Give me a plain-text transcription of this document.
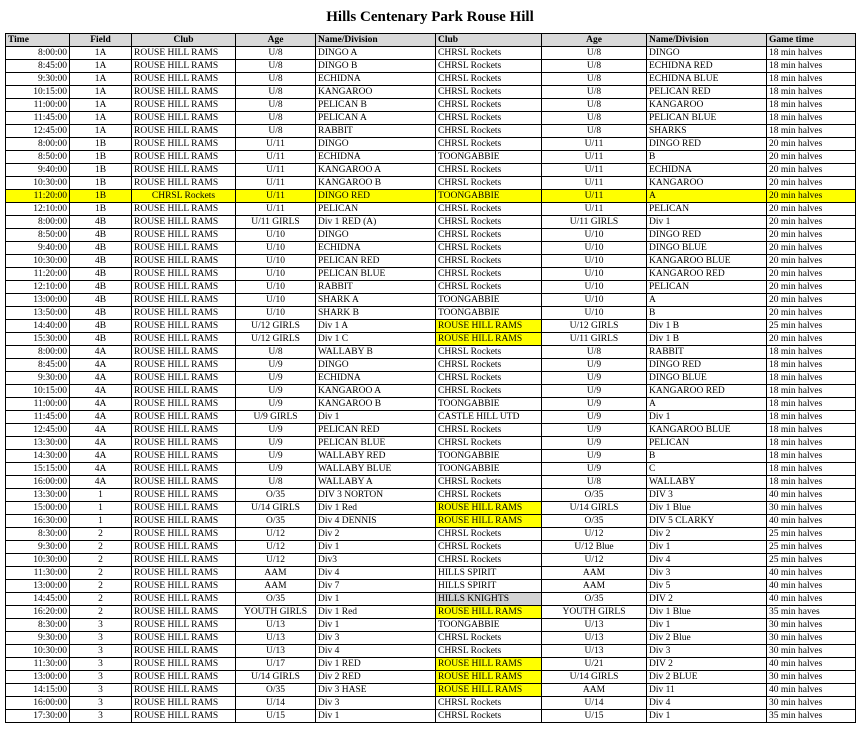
Hills Centenary Park Rouse Hill
Time	Field	Club	Age	Name/Division	Club	Age	Name/Division	Game time
8:00:00	1A	ROUSE HILL RAMS	U/8	DINGO A	CHRSL Rockets	U/8	DINGO	18 min halves
8:45:00	1A	ROUSE HILL RAMS	U/8	DINGO B	CHRSL Rockets	U/8	ECHIDNA RED	18 min halves
9:30:00	1A	ROUSE HILL RAMS	U/8	ECHIDNA	CHRSL Rockets	U/8	ECHIDNA BLUE	18 min halves
10:15:00	1A	ROUSE HILL RAMS	U/8	KANGAROO	CHRSL Rockets	U/8	PELICAN RED	18 min halves
11:00:00	1A	ROUSE HILL RAMS	U/8	PELICAN B	CHRSL Rockets	U/8	KANGAROO	18 min halves
11:45:00	1A	ROUSE HILL RAMS	U/8	PELICAN A	CHRSL Rockets	U/8	PELICAN BLUE	18 min halves
12:45:00	1A	ROUSE HILL RAMS	U/8	RABBIT	CHRSL Rockets	U/8	SHARKS	18 min halves
8:00:00	1B	ROUSE HILL RAMS	U/11	DINGO	CHRSL Rockets	U/11	DINGO RED	20 min halves
8:50:00	1B	ROUSE HILL RAMS	U/11	ECHIDNA	TOONGABBIE	U/11	B	20 min halves
9:40:00	1B	ROUSE HILL RAMS	U/11	KANGAROO A	CHRSL Rockets	U/11	ECHIDNA	20 min halves
10:30:00	1B	ROUSE HILL RAMS	U/11	KANGAROO B	CHRSL Rockets	U/11	KANGAROO	20 min halves
11:20:00	1B	CHRSL Rockets	U/11	DINGO RED	TOONGABBIE	U/11	A	20 min halves
12:10:00	1B	ROUSE HILL RAMS	U/11	PELICAN	CHRSL Rockets	U/11	PELICAN	20 min halves
8:00:00	4B	ROUSE HILL RAMS	U/11 GIRLS	Div 1 RED (A)	CHRSL Rockets	U/11 GIRLS	Div 1	20 min halves
8:50:00	4B	ROUSE HILL RAMS	U/10	DINGO	CHRSL Rockets	U/10	DINGO RED	20 min halves
9:40:00	4B	ROUSE HILL RAMS	U/10	ECHIDNA	CHRSL Rockets	U/10	DINGO BLUE	20 min halves
10:30:00	4B	ROUSE HILL RAMS	U/10	PELICAN RED	CHRSL Rockets	U/10	KANGAROO BLUE	20 min halves
11:20:00	4B	ROUSE HILL RAMS	U/10	PELICAN BLUE	CHRSL Rockets	U/10	KANGAROO RED	20 min halves
12:10:00	4B	ROUSE HILL RAMS	U/10	RABBIT	CHRSL Rockets	U/10	PELICAN	20 min halves
13:00:00	4B	ROUSE HILL RAMS	U/10	SHARK A	TOONGABBIE	U/10	A	20 min halves
13:50:00	4B	ROUSE HILL RAMS	U/10	SHARK B	TOONGABBIE	U/10	B	20 min halves
14:40:00	4B	ROUSE HILL RAMS	U/12 GIRLS	Div 1 A	ROUSE HILL RAMS	U/12 GIRLS	Div 1 B	25 min halves
15:30:00	4B	ROUSE HILL RAMS	U/12 GIRLS	Div 1 C	ROUSE HILL RAMS	U/11 GIRLS	Div 1 B	20 min halves
8:00:00	4A	ROUSE HILL RAMS	U/8	WALLABY B	CHRSL Rockets	U/8	RABBIT	18 min halves
8:45:00	4A	ROUSE HILL RAMS	U/9	DINGO	CHRSL Rockets	U/9	DINGO RED	18 min halves
9:30:00	4A	ROUSE HILL RAMS	U/9	ECHIDNA	CHRSL Rockets	U/9	DINGO BLUE	18 min halves
10:15:00	4A	ROUSE HILL RAMS	U/9	KANGAROO A	CHRSL Rockets	U/9	KANGAROO RED	18 min halves
11:00:00	4A	ROUSE HILL RAMS	U/9	KANGAROO B	TOONGABBIE	U/9	A	18 min halves
11:45:00	4A	ROUSE HILL RAMS	U/9 GIRLS	Div 1	CASTLE HILL UTD	U/9	Div 1	18 min halves
12:45:00	4A	ROUSE HILL RAMS	U/9	PELICAN RED	CHRSL Rockets	U/9	KANGAROO BLUE	18 min halves
13:30:00	4A	ROUSE HILL RAMS	U/9	PELICAN BLUE	CHRSL Rockets	U/9	PELICAN	18 min halves
14:30:00	4A	ROUSE HILL RAMS	U/9	WALLABY RED	TOONGABBIE	U/9	B	18 min halves
15:15:00	4A	ROUSE HILL RAMS	U/9	WALLABY BLUE	TOONGABBIE	U/9	C	18 min halves
16:00:00	4A	ROUSE HILL RAMS	U/8	WALLABY A	CHRSL Rockets	U/8	WALLABY	18 min halves
13:30:00	1	ROUSE HILL RAMS	O/35	DIV 3 NORTON	CHRSL Rockets	O/35	DIV 3	40 min halves
15:00:00	1	ROUSE HILL RAMS	U/14 GIRLS	Div 1 Red	ROUSE HILL RAMS	U/14 GIRLS	Div 1 Blue	30 min halves
16:30:00	1	ROUSE HILL RAMS	O/35	Div 4 DENNIS	ROUSE HILL RAMS	O/35	DIV 5 CLARKY	40 min halves
8:30:00	2	ROUSE HILL RAMS	U/12	Div 2	CHRSL Rockets	U/12	Div 2	25 min halves
9:30:00	2	ROUSE HILL RAMS	U/12	Div 1	CHRSL Rockets	U/12 Blue	Div 1	25 min halves
10:30:00	2	ROUSE HILL RAMS	U/12	Div3	CHRSL Rockets	U/12	Div 4	25 min halves
11:30:00	2	ROUSE HILL RAMS	AAM	Div 4	HILLS SPIRIT	AAM	Div 3	40 min halves
13:00:00	2	ROUSE HILL RAMS	AAM	Div 7	HILLS SPIRIT	AAM	Div 5	40 min halves
14:45:00	2	ROUSE HILL RAMS	O/35	Div 1	HILLS KNIGHTS	O/35	DIV 2	40 min halves
16:20:00	2	ROUSE HILL RAMS	YOUTH GIRLS	Div 1 Red	ROUSE HILL RAMS	YOUTH GIRLS	Div 1 Blue	35 min haves
8:30:00	3	ROUSE HILL RAMS	U/13	Div 1	TOONGABBIE	U/13	Div 1	30 min halves
9:30:00	3	ROUSE HILL RAMS	U/13	Div 3	CHRSL Rockets	U/13	Div 2 Blue	30 min halves
10:30:00	3	ROUSE HILL RAMS	U/13	Div 4	CHRSL Rockets	U/13	Div 3	30 min halves
11:30:00	3	ROUSE HILL RAMS	U/17	Div 1 RED	ROUSE HILL RAMS	U/21	DIV 2	40 min halves
13:00:00	3	ROUSE HILL RAMS	U/14 GIRLS	Div 2 RED	ROUSE HILL RAMS	U/14 GIRLS	Div 2 BLUE	30 min halves
14:15:00	3	ROUSE HILL RAMS	O/35	Div 3 HASE	ROUSE HILL RAMS	AAM	Div 11	40 min halves
16:00:00	3	ROUSE HILL RAMS	U/14	Div 3	CHRSL Rockets	U/14	Div 4	30 min halves
17:30:00	3	ROUSE HILL RAMS	U/15	Div 1	CHRSL Rockets	U/15	Div 1	35 min halves
